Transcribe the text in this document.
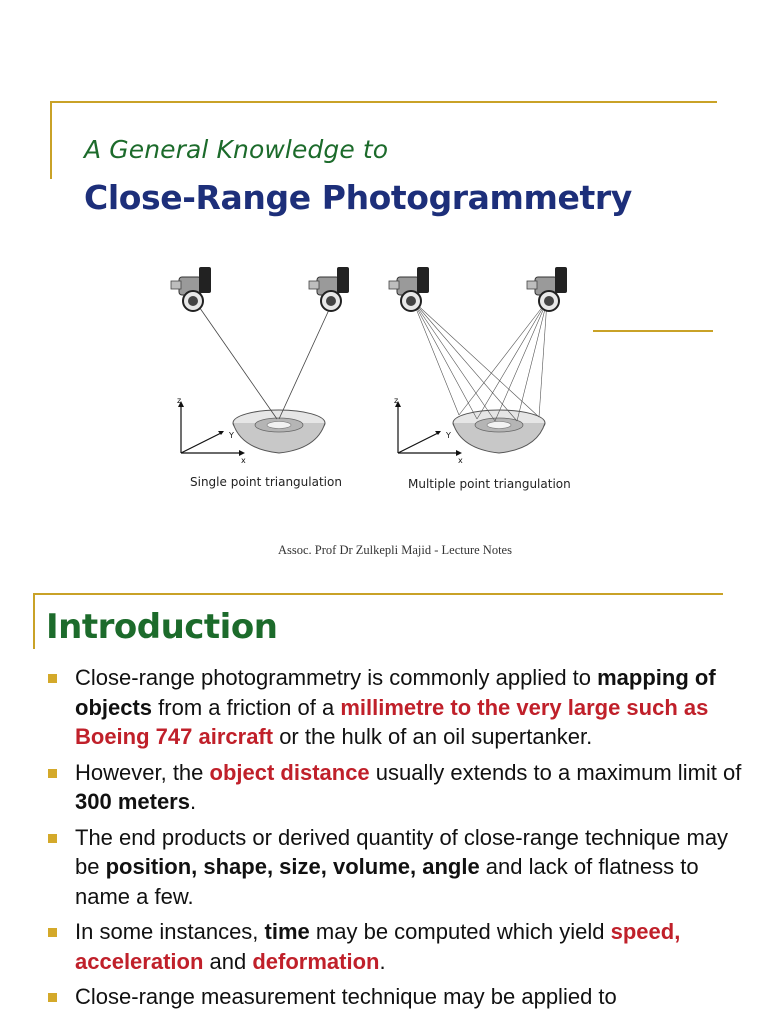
A General Knowledge to
Close-Range Photogrammetry
z
Y
x
Single point triangulation
z
Y
x
Multiple point triangulation
Assoc. Prof Dr Zulkepli Majid - Lecture Notes
Introduction
Close-range photogrammetry is commonly applied to mapping of objects from a friction of a millimetre to the very large such as Boeing 747 aircraft or the hulk of an oil supertanker.
However, the object distance usually extends to a maximum limit of 300 meters.
The end products or derived quantity of close-range technique may be position, shape, size, volume, angle and lack of flatness to name a few.
In some instances, time may be computed which yield speed, acceleration and deformation.
Close-range measurement technique may be applied to
